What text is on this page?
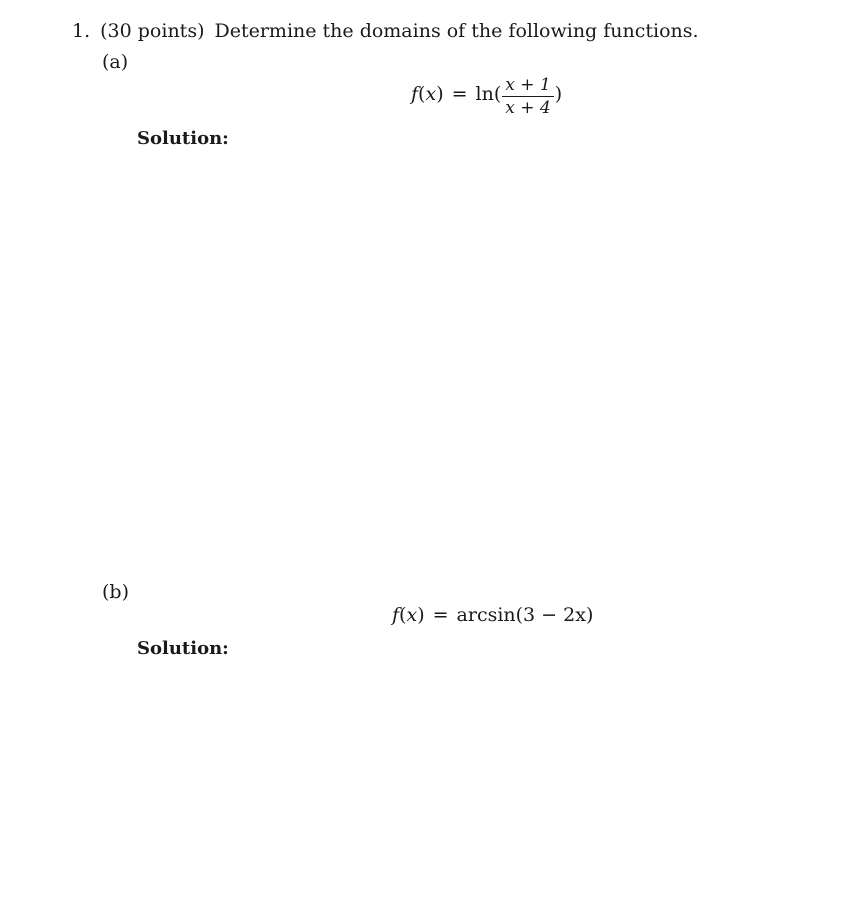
1. (30 points) Determine the domains of the following functions.
(a)
$f(x) = \ln( \frac{x + 1}{x + 4}$ )
Solution:
(b)
f(x) = arcsin(3 − 2x)
Solution:
